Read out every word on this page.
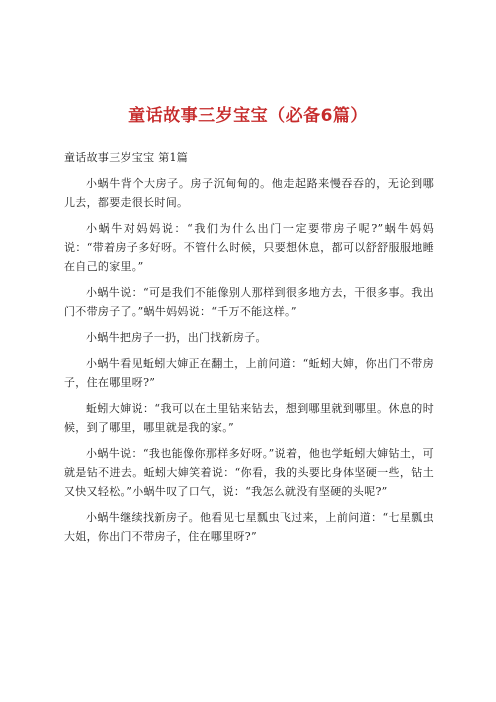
童话故事三岁宝宝（必备6篇）

童话故事三岁宝宝 第1篇

小蜗牛背个大房子。房子沉甸甸的。他走起路来慢吞吞的，无论到哪儿去，都要走很长时间。

小蜗牛对妈妈说：“我们为什么出门一定要带房子呢?”蜗牛妈妈说：“带着房子多好呀。不管什么时候，只要想休息，都可以舒舒服服地睡在自己的家里。”

小蜗牛说：“可是我们不能像别人那样到很多地方去，干很多事。我出门不带房子了。”蜗牛妈妈说：“千万不能这样。”

小蜗牛把房子一扔，出门找新房子。

小蜗牛看见蚯蚓大婶正在翻土，上前问道：“蚯蚓大婶，你出门不带房子，住在哪里呀?”

蚯蚓大婶说：“我可以在土里钻来钻去，想到哪里就到哪里。休息的时候，到了哪里，哪里就是我的家。”

小蜗牛说：“我也能像你那样多好呀。”说着，他也学蚯蚓大婶钻土，可就是钻不进去。蚯蚓大婶笑着说：“你看，我的头要比身体坚硬一些，钻土又快又轻松。”小蜗牛叹了口气，说：“我怎么就没有坚硬的头呢?”

小蜗牛继续找新房子。他看见七星瓢虫飞过来，上前问道：“七星瓢虫大姐，你出门不带房子，住在哪里呀?”
